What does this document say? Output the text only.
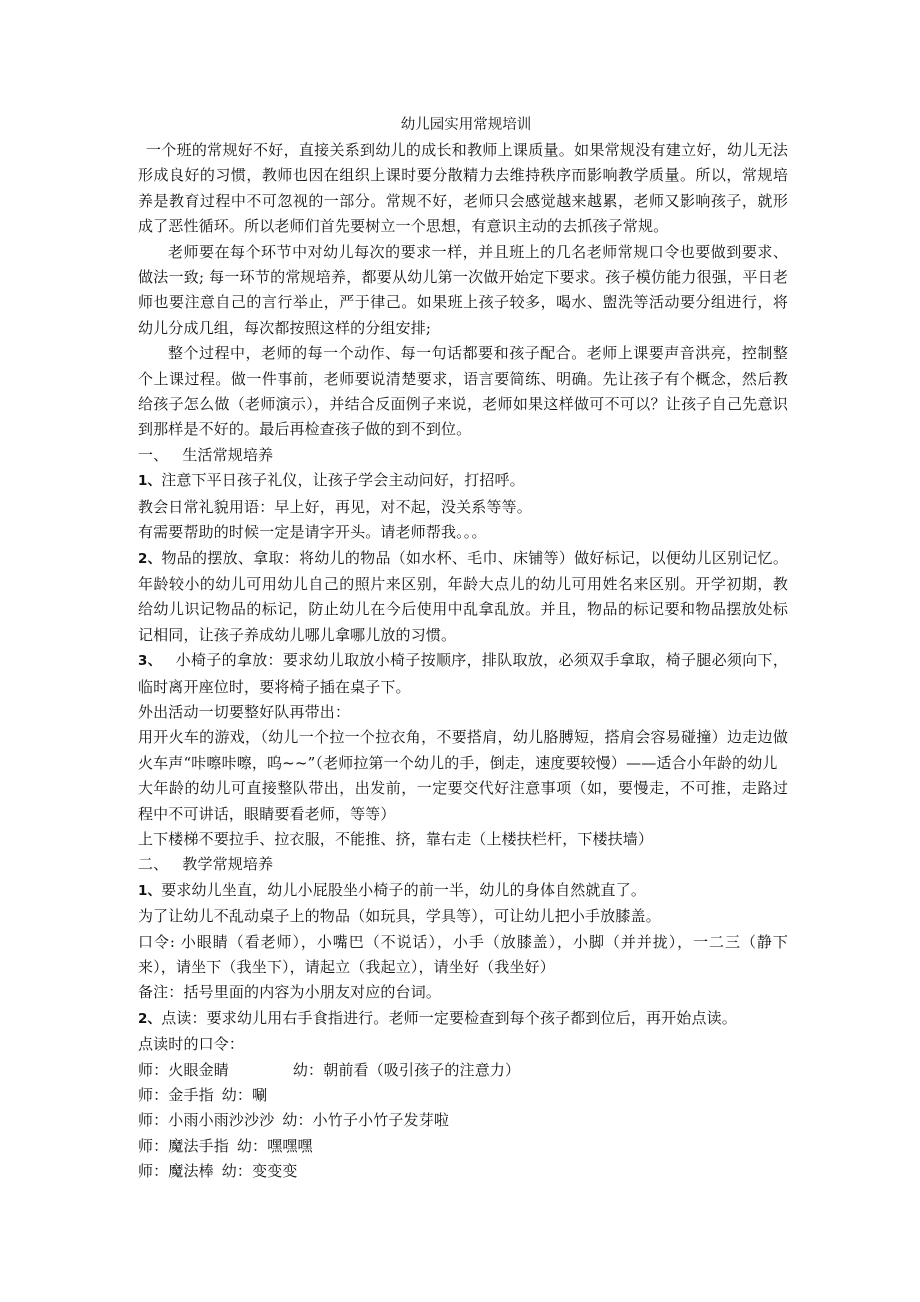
幼儿园实用常规培训

一个班的常规好不好，直接关系到幼儿的成长和教师上课质量。如果常规没有建立好，幼儿无法形成良好的习惯，教师也因在组织上课时要分散精力去维持秩序而影响教学质量。所以，常规培养是教育过程中不可忽视的一部分。常规不好，老师只会感觉越来越累，老师又影响孩子，就形成了恶性循环。所以老师们首先要树立一个思想，有意识主动的去抓孩子常规。

老师要在每个环节中对幼儿每次的要求一样，并且班上的几名老师常规口令也要做到要求、做法一致; 每一环节的常规培养，都要从幼儿第一次做开始定下要求。孩子模仿能力很强，平日老师也要注意自己的言行举止，严于律己。如果班上孩子较多，喝水、盥洗等活动要分组进行，将幼儿分成几组，每次都按照这样的分组安排;

整个过程中，老师的每一个动作、每一句话都要和孩子配合。老师上课要声音洪亮，控制整个上课过程。做一件事前，老师要说清楚要求，语言要简练、明确。先让孩子有个概念，然后教给孩子怎么做（老师演示），并结合反面例子来说，老师如果这样做可不可以？让孩子自己先意识到那样是不好的。最后再检查孩子做的到不到位。

一、 生活常规培养

1、注意下平日孩子礼仪，让孩子学会主动问好，打招呼。

教会日常礼貌用语：早上好，再见，对不起，没关系等等。

有需要帮助的时候一定是请字开头。请老师帮我。。。

2、物品的摆放、拿取：将幼儿的物品（如水杯、毛巾、床铺等）做好标记，以便幼儿区别记忆。年龄较小的幼儿可用幼儿自己的照片来区别，年龄大点儿的幼儿可用姓名来区别。开学初期，教给幼儿识记物品的标记，防止幼儿在今后使用中乱拿乱放。并且，物品的标记要和物品摆放处标记相同，让孩子养成幼儿哪儿拿哪儿放的习惯。

3、 小椅子的拿放：要求幼儿取放小椅子按顺序，排队取放，必须双手拿取，椅子腿必须向下，临时离开座位时，要将椅子插在桌子下。

外出活动一切要整好队再带出：

用开火车的游戏，（幼儿一个拉一个拉衣角，不要搭肩，幼儿胳膊短，搭肩会容易碰撞）边走边做火车声“咔嚓咔嚓，呜~~”（老师拉第一个幼儿的手，倒走，速度要较慢）——适合小年龄的幼儿

大年龄的幼儿可直接整队带出，出发前，一定要交代好注意事项（如，要慢走，不可推，走路过程中不可讲话，眼睛要看老师，等等）

上下楼梯不要拉手、拉衣服，不能推、挤，靠右走（上楼扶栏杆，下楼扶墙）

二、 教学常规培养

1、要求幼儿坐直，幼儿小屁股坐小椅子的前一半，幼儿的身体自然就直了。

为了让幼儿不乱动桌子上的物品（如玩具，学具等），可让幼儿把小手放膝盖。

口令: 小眼睛（看老师），小嘴巴（不说话），小手（放膝盖），小脚（并并拢），一二三（静下来），请坐下（我坐下），请起立（我起立），请坐好（我坐好）

备注：括号里面的内容为小朋友对应的台词。

2、点读：要求幼儿用右手食指进行。老师一定要检查到每个孩子都到位后，再开始点读。

点读时的口令：

师：火眼金睛	幼：朝前看（吸引孩子的注意力）

师：金手指 幼：唰

师：小雨小雨沙沙沙 幼：小竹子小竹子发芽啦

师：魔法手指 幼：嘿嘿嘿

师：魔法棒 幼：变变变
